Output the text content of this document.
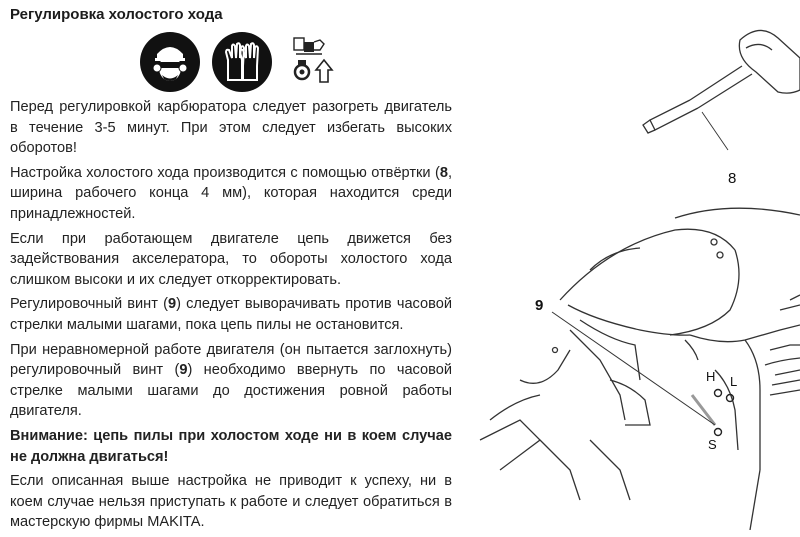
Регулировка холостого хода

Перед регулировкой карбюратора следует разогреть двигатель в течение 3-5 минут. При этом следует избегать высоких оборотов!

Настройка холостого хода производится с помощью отвёртки (8, ширина рабочего конца 4 мм), которая находится среди принадлежностей.

Если при работающем двигателе цепь движется без задействования акселератора, то обороты холостого хода слишком высоки и их следует откорректировать.

Регулировочный винт (9) следует выворачивать против часовой стрелки малыми шагами, пока цепь пилы не остановится.

При неравномерной работе двигателя (он пытается заглохнуть) регулировочный винт (9) необходимо ввернуть по часовой стрелке малыми шагами до достижения ровной работы двигателя.

Внимание: цепь пилы при холостом ходе ни в коем случае не должна двигаться!

Если описанная выше настройка не приводит к успеху, ни в коем случае нельзя приступать к работе и следует обратиться в мастерскую фирмы MAKITA.

8
9
H L
S
